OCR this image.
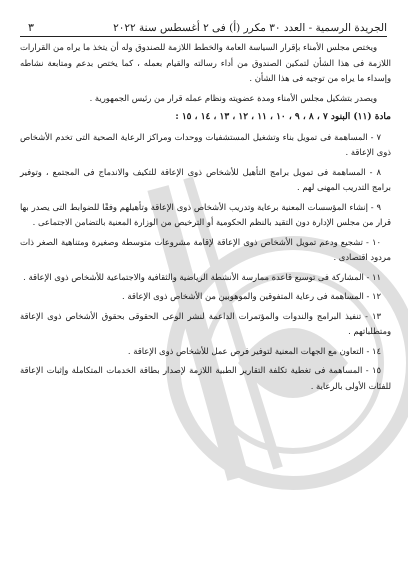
الجريدة الرسمية - العدد ٣٠ مكرر (أ) فى ٢ أغسطس سنة ٢٠٢٢
٣

ويختص مجلس الأمناء بإقرار السياسة العامة والخطط اللازمة للصندوق وله أن يتخذ ما يراه من القرارات اللازمة فى هذا الشأن لتمكين الصندوق من أداء رسالته والقيام بعمله ، كما يختص بدعم ومتابعة نشاطه وإسداء ما يراه من توجيه فى هذا الشأن .

ويصدر بتشكيل مجلس الأمناء ومدة عضويته ونظام عمله قرار من رئيس الجمهورية .

مادة (١١) البنود ٧ ، ٨ ، ٩ ، ١٠ ، ١١ ، ١٢ ، ١٣ ، ١٤ ، ١٥ :

٧ - المساهمة فى تمويل بناء وتشغيل المستشفيات ووحدات ومراكز الرعاية الصحية التى تخدم الأشخاص ذوى الإعاقة .

٨ - المساهمة فى تمويل برامج التأهيل للأشخاص ذوى الإعاقة للتكيف والاندماج فى المجتمع ، وتوفير برامج التدريب المهنى لهم .

٩ - إنشاء المؤسسات المعنية برعاية وتدريب الأشخاص ذوى الإعاقة وتأهيلهم وفقًا للضوابط التى يصدر بها قرار من مجلس الإدارة دون التقيد بالنظم الحكومية أو الترخيص من الوزارة المعنية بالتضامن الاجتماعى .

١٠ - تشجيع ودعم تمويل الأشخاص ذوى الإعاقة لإقامة مشروعات متوسطة وصغيرة ومتناهية الصغر ذات مردود اقتصادى .

١١ - المشاركة فى توسيع قاعدة ممارسة الأنشطة الرياضية والثقافية والاجتماعية للأشخاص ذوى الإعاقة .

١٢ - المساهمة فى رعاية المتفوقين والموهوبين من الأشخاص ذوى الإعاقة .

١٣ - تنفيذ البرامج والندوات والمؤتمرات الداعمة لنشر الوعى الحقوقى بحقوق الأشخاص ذوى الإعاقة ومتطلباتهم .

١٤ - التعاون مع الجهات المعنية لتوفير فرص عمل للأشخاص ذوى الإعاقة .

١٥ - المساهمة فى تغطية تكلفة التقارير الطبية اللازمة لإصدار بطاقة الخدمات المتكاملة وإثبات الإعاقة للفئات الأولى بالرعاية .
